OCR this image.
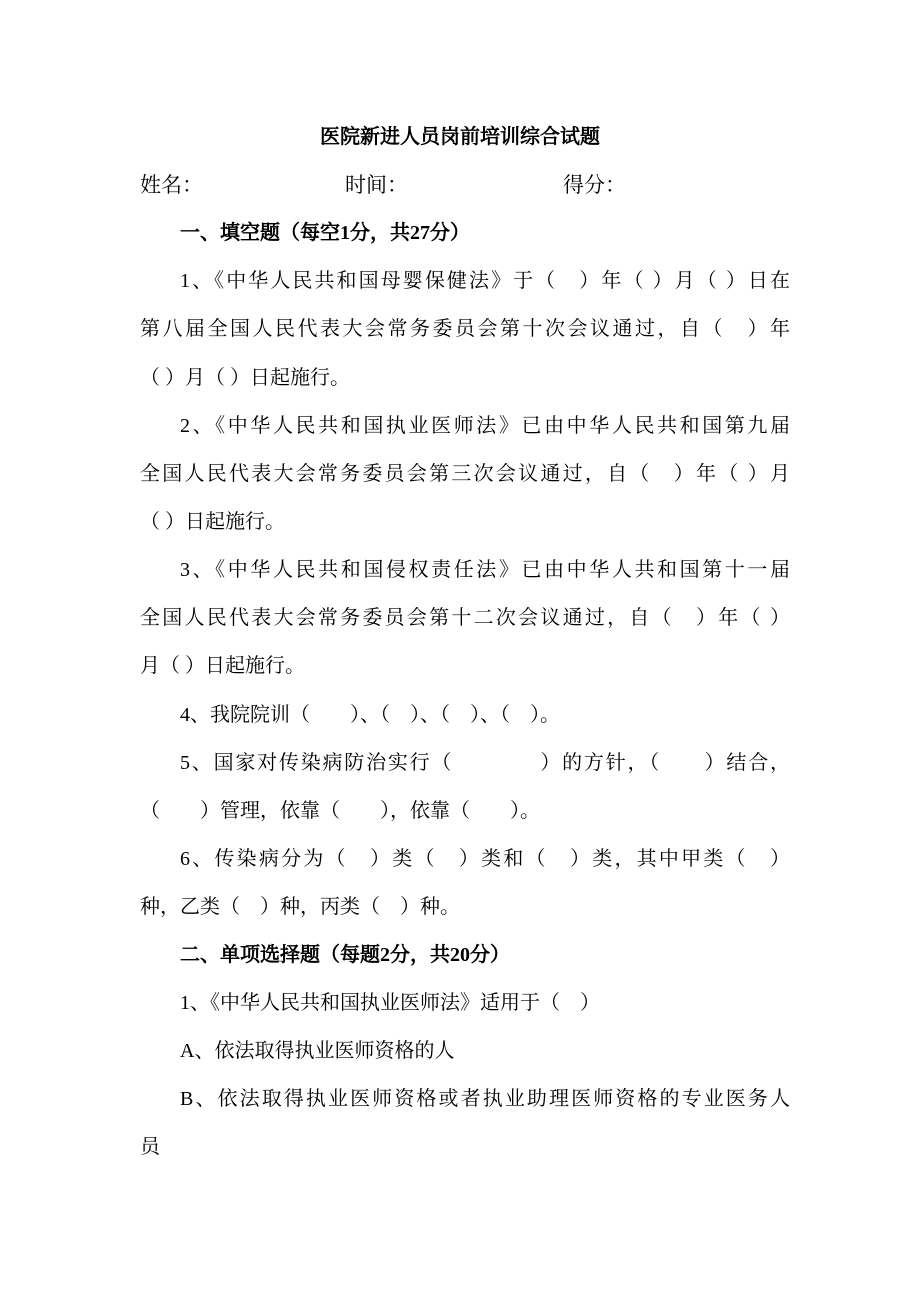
医院新进人员岗前培训综合试题
姓名：	时间：	得分：
一、填空题（每空1分，共27分）
1、《中华人民共和国母婴保健法》于（　）年（ ）月（ ）日在
第八届全国人民代表大会常务委员会第十次会议通过，自（　）年
（ ）月（ ）日起施行。
2、《中华人民共和国执业医师法》已由中华人民共和国第九届
全国人民代表大会常务委员会第三次会议通过，自（　）年（ ）月
（ ）日起施行。
3、《中华人民共和国侵权责任法》已由中华人共和国第十一届
全国人民代表大会常务委员会第十二次会议通过，自（　）年（ ）
月（ ）日起施行。
4、我院院训（　　）、（　）、（　）、（　）。
5、国家对传染病防治实行（　　　　）的方针，（　　）结合，
（　　）管理，依靠（　　），依靠（　　）。
6、传染病分为（　）类（　）类和（　）类，其中甲类（　）
种，乙类（　）种，丙类（　）种。
二、单项选择题（每题2分，共20分）
1、《中华人民共和国执业医师法》适用于（　）
A、依法取得执业医师资格的人
B、依法取得执业医师资格或者执业助理医师资格的专业医务人
员
